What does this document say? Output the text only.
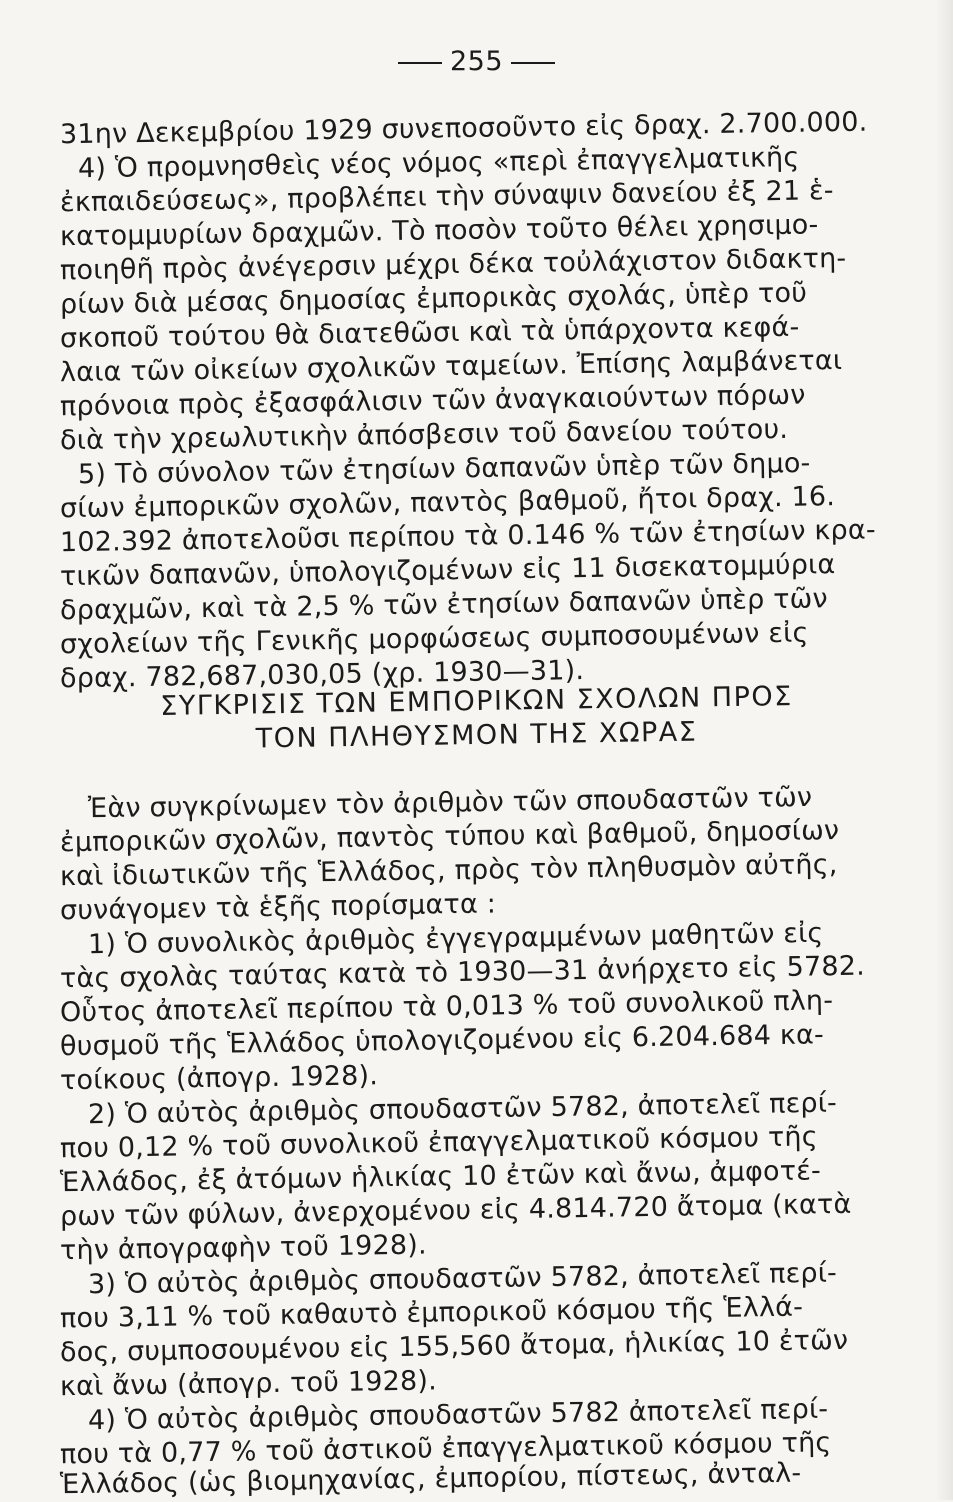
255
31ην Δεκεμβρίου 1929 συνεποσοῦντο εἰς δραχ. 2.700.000.
4) Ὁ προμνησθεὶς νέος νόμος «περὶ ἐπαγγελματικῆς
ἐκπαιδεύσεως», προβλέπει τὴν σύναψιν δανείου ἐξ 21 ἑ-
κατομμυρίων δραχμῶν. Τὸ ποσὸν τοῦτο θέλει χρησιμο-
ποιηθῆ πρὸς ἀνέγερσιν μέχρι δέκα τοὐλάχιστον διδακτη-
ρίων διὰ μέσας δημοσίας ἐμπορικὰς σχολάς, ὑπὲρ τοῦ
σκοποῦ τούτου θὰ διατεθῶσι καὶ τὰ ὑπάρχοντα κεφά-
λαια τῶν οἰκείων σχολικῶν ταμείων. Ἐπίσης λαμβάνεται
πρόνοια πρὸς ἐξασφάλισιν τῶν ἀναγκαιούντων πόρων
διὰ τὴν χρεωλυτικὴν ἀπόσβεσιν τοῦ δανείου τούτου.
5) Τὸ σύνολον τῶν ἐτησίων δαπανῶν ὑπὲρ τῶν δημο-
σίων ἐμπορικῶν σχολῶν, παντὸς βαθμοῦ, ἤτοι δραχ. 16.
102.392 ἀποτελοῦσι περίπου τὰ 0.146 % τῶν ἐτησίων κρα-
τικῶν δαπανῶν, ὑπολογιζομένων εἰς 11 δισεκατομμύρια
δραχμῶν, καὶ τὰ 2,5 % τῶν ἐτησίων δαπανῶν ὑπὲρ τῶν
σχολείων τῆς Γενικῆς μορφώσεως συμποσουμένων εἰς
δραχ. 782,687,030,05 (χρ. 1930—31).
ΣΥΓΚΡΙΣΙΣ ΤΩΝ ΕΜΠΟΡΙΚΩΝ ΣΧΟΛΩΝ ΠΡΟΣ
ΤΟΝ ΠΛΗΘΥΣΜΟΝ ΤΗΣ ΧΩΡΑΣ
Ἐὰν συγκρίνωμεν τὸν ἀριθμὸν τῶν σπουδαστῶν τῶν
ἐμπορικῶν σχολῶν, παντὸς τύπου καὶ βαθμοῦ, δημοσίων
καὶ ἰδιωτικῶν τῆς Ἑλλάδος, πρὸς τὸν πληθυσμὸν αὐτῆς,
συνάγομεν τὰ ἑξῆς πορίσματα :
1) Ὁ συνολικὸς ἀριθμὸς ἐγγεγραμμένων μαθητῶν εἰς
τὰς σχολὰς ταύτας κατὰ τὸ 1930—31 ἀνήρχετο εἰς 5782.
Οὗτος ἀποτελεῖ περίπου τὰ 0,013 % τοῦ συνολικοῦ πλη-
θυσμοῦ τῆς Ἑλλάδος ὑπολογιζομένου εἰς 6.204.684 κα-
τοίκους (ἀπογρ. 1928).
2) Ὁ αὐτὸς ἀριθμὸς σπουδαστῶν 5782, ἀποτελεῖ περί-
που 0,12 % τοῦ συνολικοῦ ἐπαγγελματικοῦ κόσμου τῆς
Ἑλλάδος, ἐξ ἀτόμων ἡλικίας 10 ἐτῶν καὶ ἄνω, ἀμφοτέ-
ρων τῶν φύλων, ἀνερχομένου εἰς 4.814.720 ἄτομα (κατὰ
τὴν ἀπογραφὴν τοῦ 1928).
3) Ὁ αὐτὸς ἀριθμὸς σπουδαστῶν 5782, ἀποτελεῖ περί-
που 3,11 % τοῦ καθαυτὸ ἐμπορικοῦ κόσμου τῆς Ἑλλά-
δος, συμποσουμένου εἰς 155,560 ἄτομα, ἡλικίας 10 ἐτῶν
καὶ ἄνω (ἀπογρ. τοῦ 1928).
4) Ὁ αὐτὸς ἀριθμὸς σπουδαστῶν 5782 ἀποτελεῖ περί-
που τὰ 0,77 % τοῦ ἀστικοῦ ἐπαγγελματικοῦ κόσμου τῆς
Ἑλλάδος (ὡς βιομηχανίας, ἐμπορίου, πίστεως, ἀνταλ-
